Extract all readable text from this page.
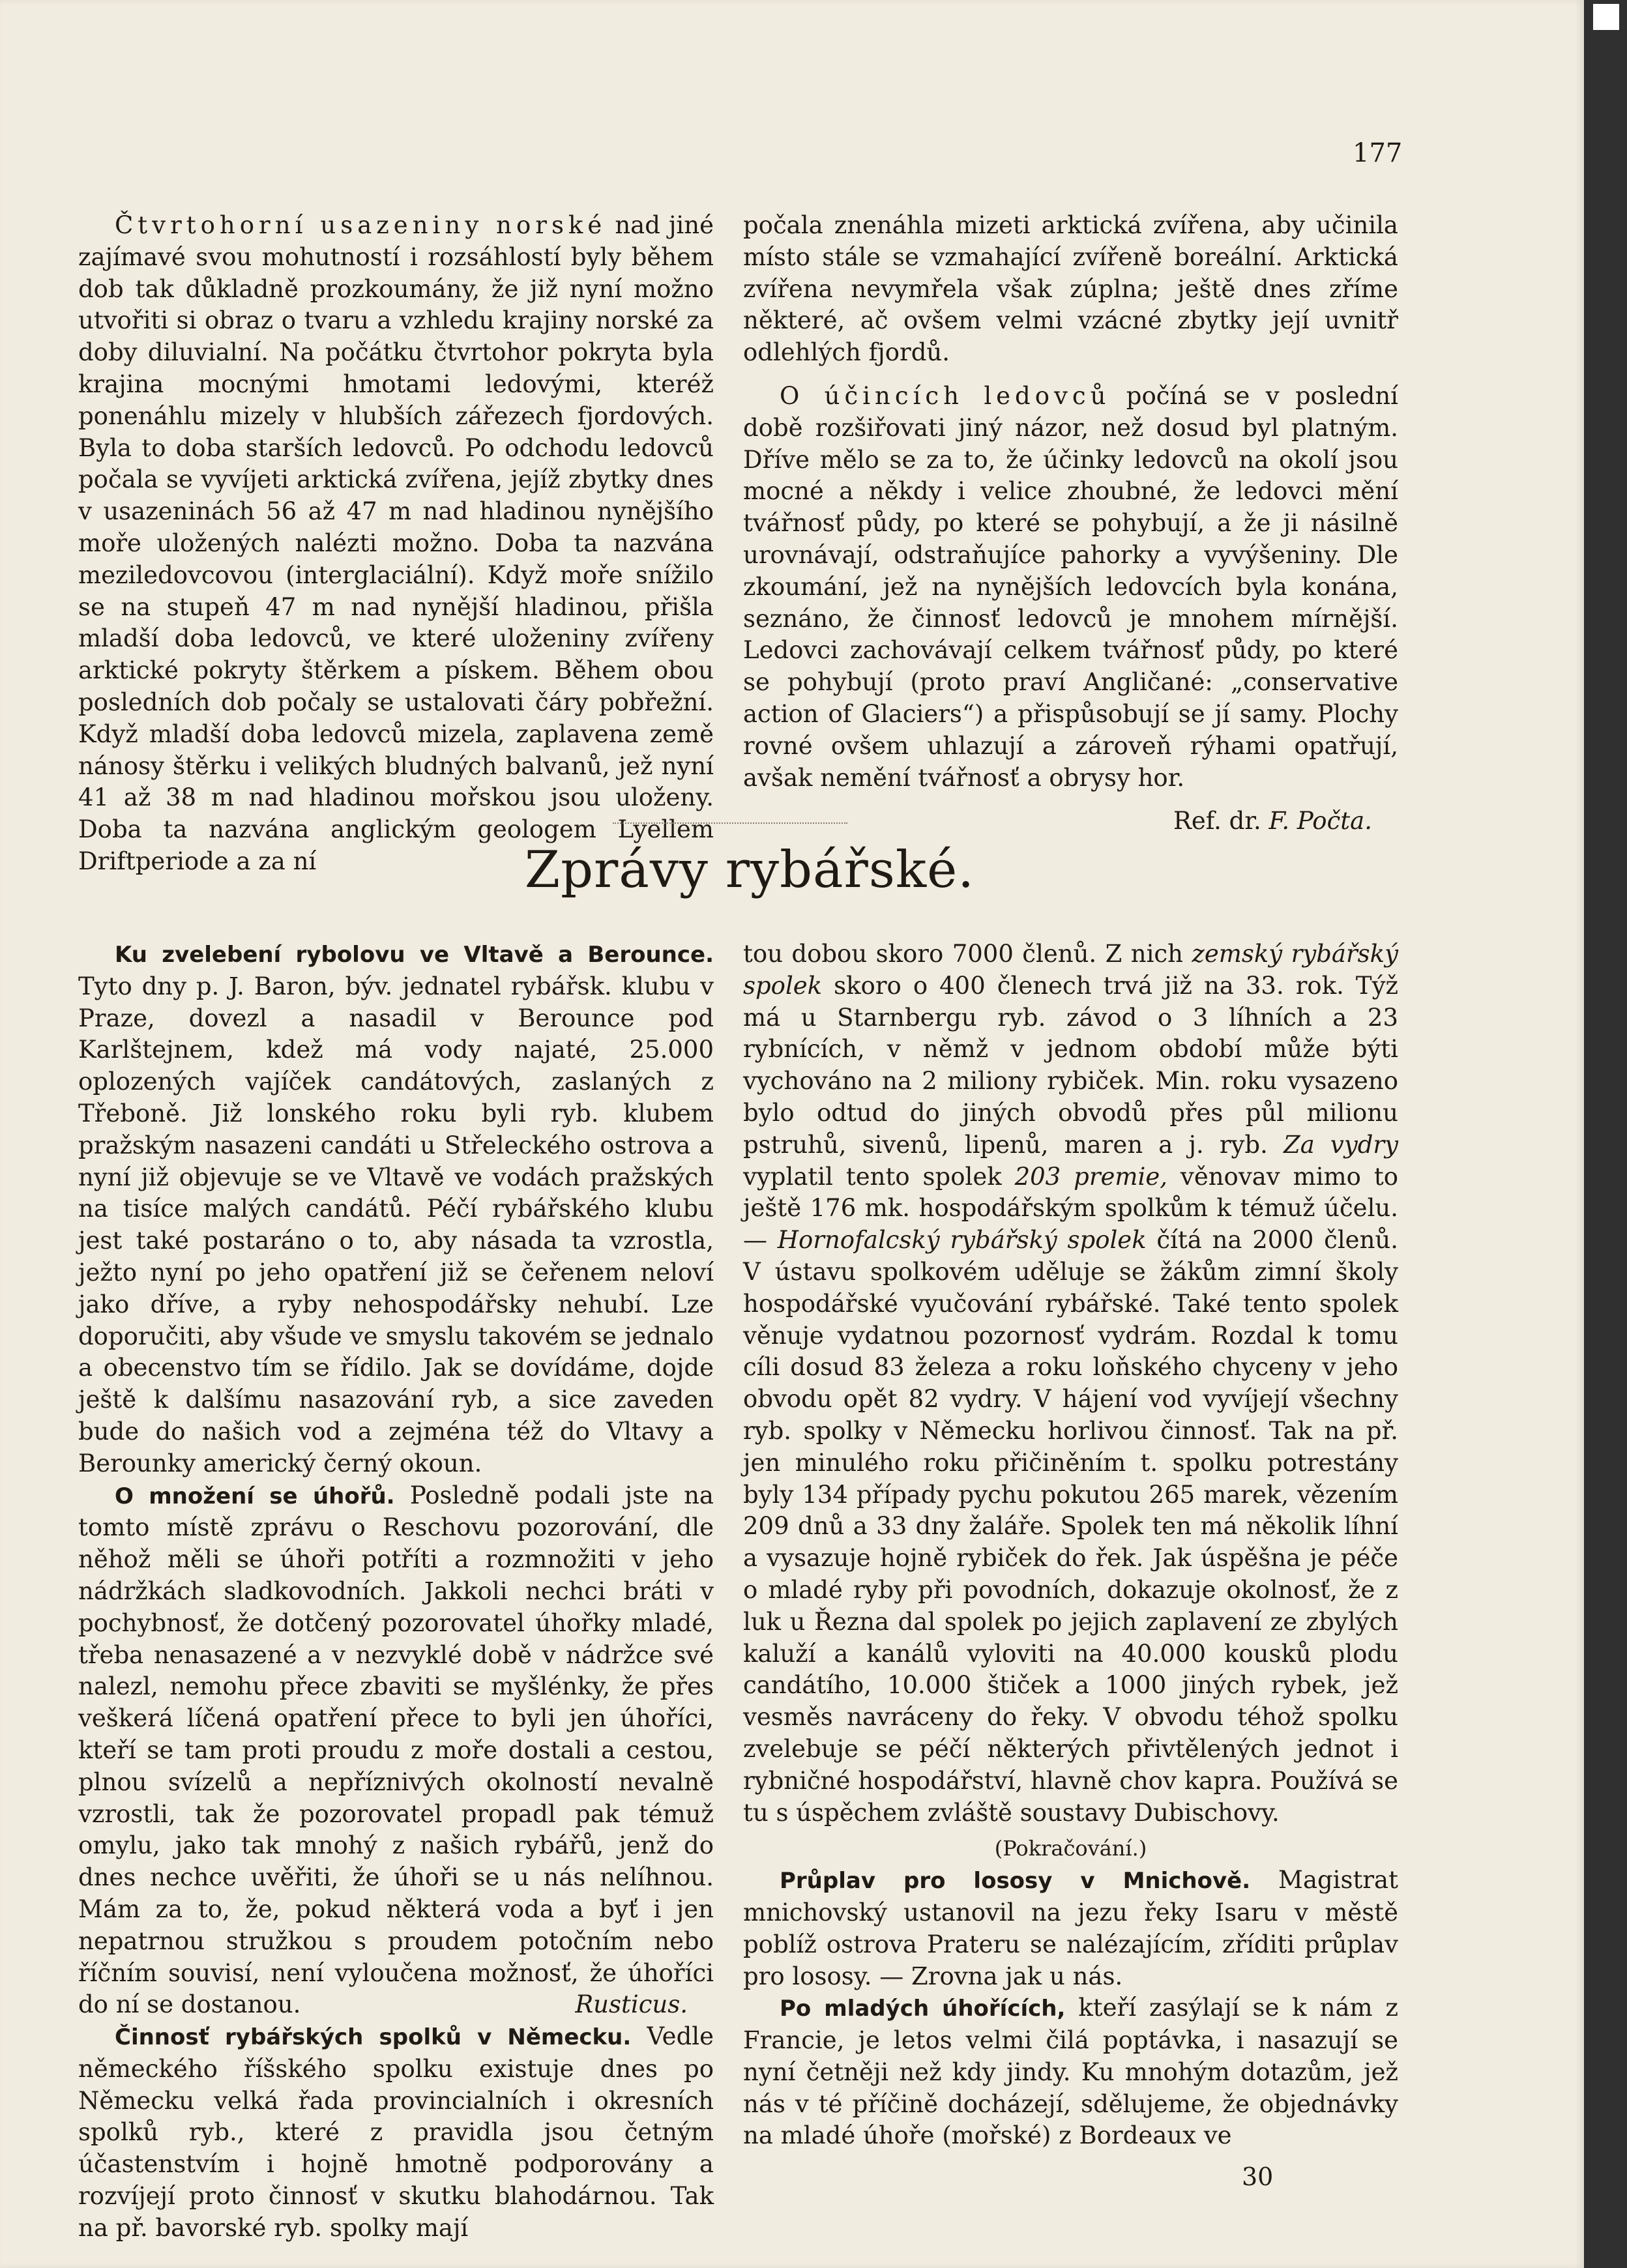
177

Čtvrtohorní usazeniny norské nad jiné zajímavé svou mohutností i rozsáhlostí byly během dob tak důkladně prozkoumány, že již nyní možno utvořiti si obraz o tvaru a vzhledu krajiny norské za doby diluvialní. Na počátku čtvrtohor pokryta byla krajina mocnými hmotami ledovými, kteréž ponenáhlu mizely v hlubších zářezech fjordových. Byla to doba starších ledovců. Po odchodu ledovců počala se vyvíjeti arktická zvířena, jejíž zbytky dnes v usazeninách 56 až 47 m nad hladinou nynějšího moře uložených nalézti možno. Doba ta nazvána meziledovcovou (interglaciální). Když moře snížilo se na stupeň 47 m nad nynější hladinou, přišla mladší doba ledovců, ve které uloženiny zvířeny arktické pokryty štěrkem a pískem. Během obou posledních dob počaly se ustalovati čáry pobřežní. Když mladší doba ledovců mizela, zaplavena země nánosy štěrku i velikých bludných balvanů, jež nyní 41 až 38 m nad hladinou mořskou jsou uloženy. Doba ta nazvána anglickým geologem Lyellem Driftperiode a za ní

počala znenáhla mizeti arktická zvířena, aby učinila místo stále se vzmahající zvířeně boreální. Arktická zvířena nevymřela však zúplna; ještě dnes zříme některé, ač ovšem velmi vzácné zbytky její uvnitř odlehlých fjordů.

O účincích ledovců počíná se v poslední době rozšiřovati jiný názor, než dosud byl platným. Dříve mělo se za to, že účinky ledovců na okolí jsou mocné a někdy i velice zhoubné, že ledovci mění tvářnosť půdy, po které se pohybují, a že ji násilně urovnávají, odstraňujíce pahorky a vyvýšeniny. Dle zkoumání, jež na nynějších ledovcích byla konána, seznáno, že činnosť ledovců je mnohem mírnější. Ledovci zachovávají celkem tvářnosť půdy, po které se pohybují (proto praví Angličané: „conservative action of Glaciers“) a přispůsobují se jí samy. Plochy rovné ovšem uhlazují a zároveň rýhami opatřují, avšak nemění tvářnosť a obrysy hor.

Ref. dr. F. Počta.

Zprávy rybářské.

Ku zvelebení rybolovu ve Vltavě a Berounce. Tyto dny p. J. Baron, býv. jednatel rybářsk. klubu v Praze, dovezl a nasadil v Berounce pod Karlštejnem, kdež má vody najaté, 25.000 oplozených vajíček candátových, zaslaných z Třeboně. Již lonského roku byli ryb. klubem pražským nasazeni candáti u Střeleckého ostrova a nyní již objevuje se ve Vltavě ve vodách pražských na tisíce malých candátů. Péčí rybářského klubu jest také postaráno o to, aby násada ta vzrostla, ježto nyní po jeho opatření již se čeřenem neloví jako dříve, a ryby nehospodářsky nehubí. Lze doporučiti, aby všude ve smyslu takovém se jednalo a obecenstvo tím se řídilo. Jak se dovídáme, dojde ještě k dalšímu nasazování ryb, a sice zaveden bude do našich vod a zejména též do Vltavy a Berounky americký černý okoun.

O množení se úhořů. Posledně podali jste na tomto místě zprávu o Reschovu pozorování, dle něhož měli se úhoři potříti a rozmnožiti v jeho nádržkách sladkovodních. Jakkoli nechci bráti v pochybnosť, že dotčený pozorovatel úhořky mladé, třeba nenasazené a v nezvyklé době v nádržce své nalezl, nemohu přece zbaviti se myšlénky, že přes veškerá líčená opatření přece to byli jen úhoříci, kteří se tam proti proudu z moře dostali a cestou, plnou svízelů a nepříznivých okolností nevalně vzrostli, tak že pozorovatel propadl pak témuž omylu, jako tak mnohý z našich rybářů, jenž do dnes nechce uvěřiti, že úhoři se u nás nelíhnou. Mám za to, že, pokud některá voda a byť i jen nepatrnou stružkou s proudem potočním nebo říčním souvisí, není vyloučena možnosť, že úhoříci do ní se dostanou.	Rusticus.

Činnosť rybářských spolků v Německu. Vedle německého říšského spolku existuje dnes po Německu velká řada provincialních i okresních spolků ryb., které z pravidla jsou četným účastenstvím i hojně hmotně podporovány a rozvíjejí proto činnosť v skutku blahodárnou. Tak na př. bavorské ryb. spolky mají

tou dobou skoro 7000 členů. Z nich zemský rybářský spolek skoro o 400 členech trvá již na 33. rok. Týž má u Starnbergu ryb. závod o 3 líhních a 23 rybnících, v němž v jednom období může býti vychováno na 2 miliony rybiček. Min. roku vysazeno bylo odtud do jiných obvodů přes půl milionu pstruhů, sivenů, lipenů, maren a j. ryb. Za vydry vyplatil tento spolek 203 premie, věnovav mimo to ještě 176 mk. hospodářským spolkům k témuž účelu. — Hornofalcský rybářský spolek čítá na 2000 členů. V ústavu spolkovém uděluje se žákům zimní školy hospodářské vyučování rybářské. Také tento spolek věnuje vydatnou pozornosť vydrám. Rozdal k tomu cíli dosud 83 železa a roku loňského chyceny v jeho obvodu opět 82 vydry. V hájení vod vyvíjejí všechny ryb. spolky v Německu horlivou činnosť. Tak na př. jen minulého roku přičiněním t. spolku potrestány byly 134 případy pychu pokutou 265 marek, vězením 209 dnů a 33 dny žaláře. Spolek ten má několik líhní a vysazuje hojně rybiček do řek. Jak úspěšna je péče o mladé ryby při povodních, dokazuje okolnosť, že z luk u Řezna dal spolek po jejich zaplavení ze zbylých kaluží a kanálů vyloviti na 40.000 kousků plodu candátího, 10.000 štiček a 1000 jiných rybek, jež vesměs navráceny do řeky. V obvodu téhož spolku zvelebuje se péčí některých přivtělených jednot i rybničné hospodářství, hlavně chov kapra. Používá se tu s úspěchem zvláště soustavy Dubischovy.

(Pokračování.)

Průplav pro lososy v Mnichově. Magistrat mnichovský ustanovil na jezu řeky Isaru v městě poblíž ostrova Prateru se nalézajícím, zříditi průplav pro lososy. — Zrovna jak u nás.

Po mladých úhořících, kteří zasýlají se k nám z Francie, je letos velmi čilá poptávka, i nasazují se nyní četněji než kdy jindy. Ku mnohým dotazům, jež nás v té příčině docházejí, sdělujeme, že objednávky na mladé úhoře (mořské) z Bordeaux ve

30
